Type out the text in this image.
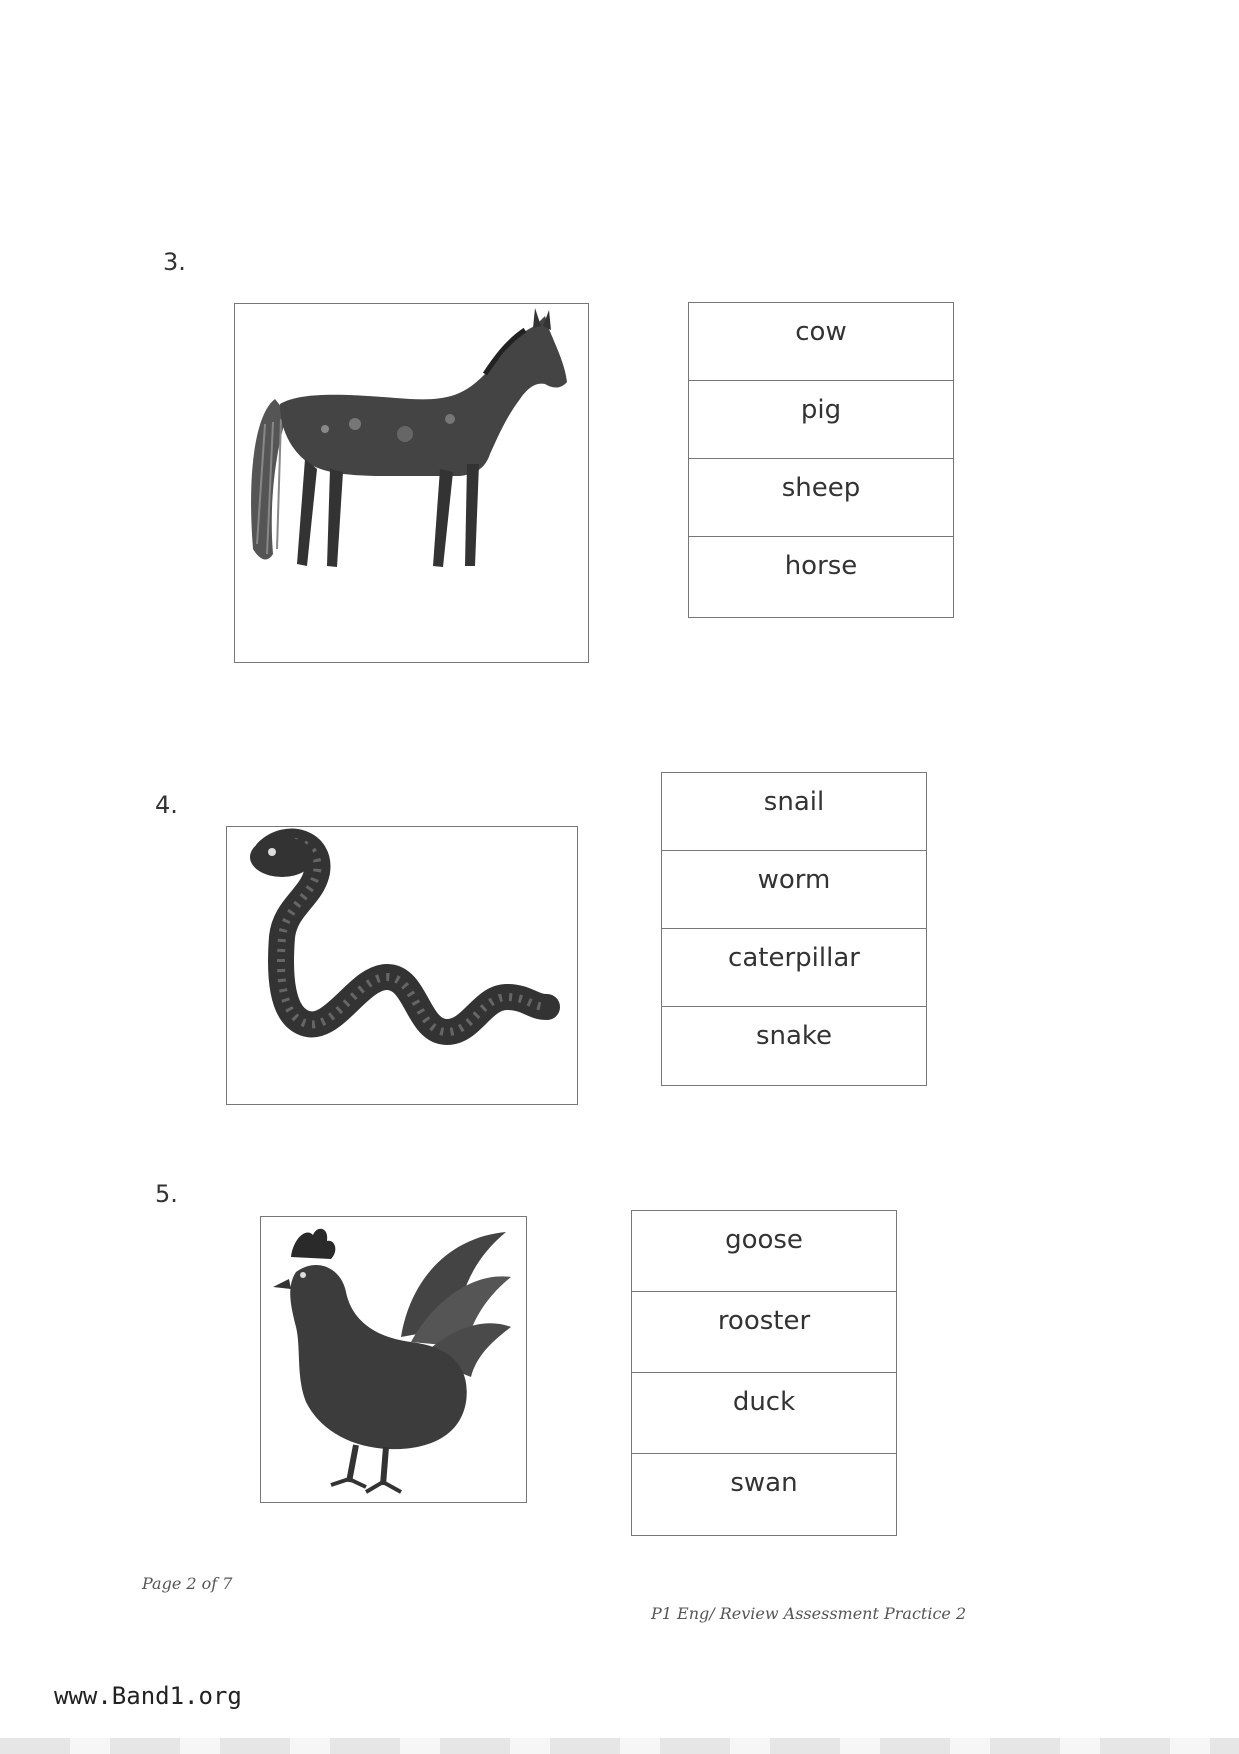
3.
cow
pig
sheep
horse
4.	snail
worm
caterpillar
snake
5.
goose
rooster
duck
swan
Page 2 of 7
P1 Eng/ Review Assessment Practice 2
www.Band1.org
